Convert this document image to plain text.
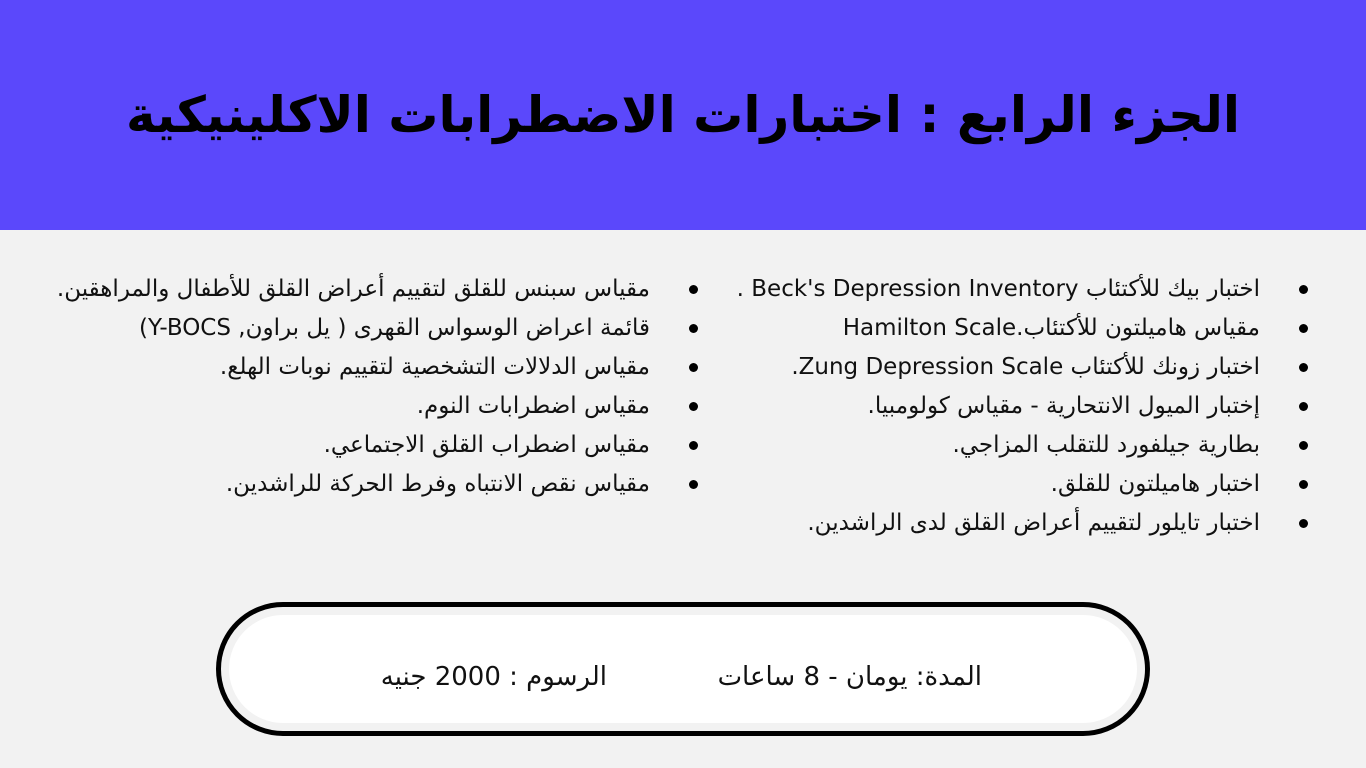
الجزء الرابع : اختبارات الاضطرابات الاكلينيكية
اختبار بيك للأكتئاب Beck's Depression Inventory .
مقياس هاميلتون للأكتئاب.Hamilton Scale
اختبار زونك للأكتئاب Zung Depression Scale.
إختبار الميول الانتحارية - مقياس كولومبيا.
بطارية جيلفورد للتقلب المزاجي.
اختبار هاميلتون للقلق.
اختبار تايلور لتقييم أعراض القلق لدى الراشدين.
مقياس سبنس للقلق لتقييم أعراض القلق للأطفال والمراهقين.
قائمة اعراض الوسواس القهرى ( يل براون, Y-BOCS)
مقياس الدلالات التشخصية لتقييم نوبات الهلع.
مقياس اضطرابات النوم.
مقياس اضطراب القلق الاجتماعي.
مقياس نقص الانتباه وفرط الحركة للراشدين.
المدة: يومان - 8 ساعات
الرسوم : 2000 جنيه
